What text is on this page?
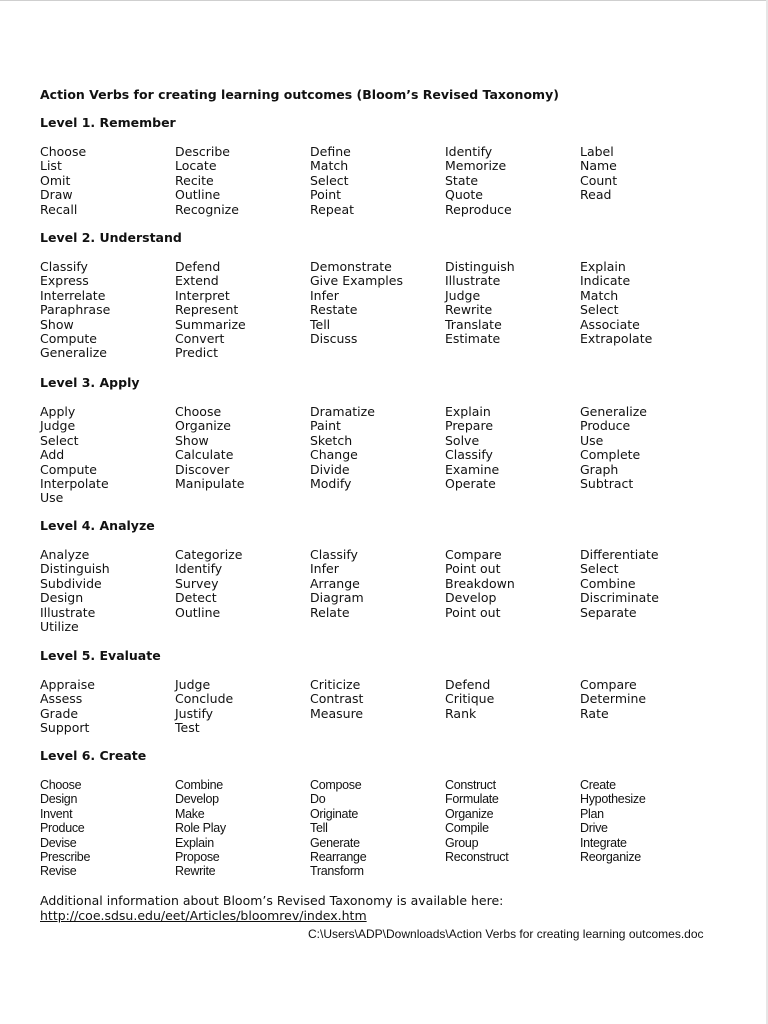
Action Verbs for creating learning outcomes (Bloom’s Revised Taxonomy)
Level 1. Remember
Choose
List
Omit
Draw
Recall
Describe
Locate
Recite
Outline
Recognize
Define
Match
Select
Point
Repeat
Identify
Memorize
State
Quote
Reproduce
Label
Name
Count
Read
Level 2. Understand
Classify
Express
Interrelate
Paraphrase
Show
Compute
Generalize
Defend
Extend
Interpret
Represent
Summarize
Convert
Predict
Demonstrate
Give Examples
Infer
Restate
Tell
Discuss
Distinguish
Illustrate
Judge
Rewrite
Translate
Estimate
Explain
Indicate
Match
Select
Associate
Extrapolate
Level 3. Apply
Apply
Judge
Select
Add
Compute
Interpolate
Use
Choose
Organize
Show
Calculate
Discover
Manipulate
Dramatize
Paint
Sketch
Change
Divide
Modify
Explain
Prepare
Solve
Classify
Examine
Operate
Generalize
Produce
Use
Complete
Graph
Subtract
Level 4. Analyze
Analyze
Distinguish
Subdivide
Design
Illustrate
Utilize
Categorize
Identify
Survey
Detect
Outline
Classify
Infer
Arrange
Diagram
Relate
Compare
Point out
Breakdown
Develop
Point out
Differentiate
Select
Combine
Discriminate
Separate
Level 5. Evaluate
Appraise
Assess
Grade
Support
Judge
Conclude
Justify
Test
Criticize
Contrast
Measure
Defend
Critique
Rank
Compare
Determine
Rate
Level 6. Create
Choose
Design
Invent
Produce
Devise
Prescribe
Revise
Combine
Develop
Make
Role Play
Explain
Propose
Rewrite
Compose
Do
Originate
Tell
Generate
Rearrange
Transform
Construct
Formulate
Organize
Compile
Group
Reconstruct
Create
Hypothesize
Plan
Drive
Integrate
Reorganize
Additional information about Bloom’s Revised Taxonomy is available here:
http://coe.sdsu.edu/eet/Articles/bloomrev/index.htm
C:\Users\ADP\Downloads\Action Verbs for creating learning outcomes.doc
